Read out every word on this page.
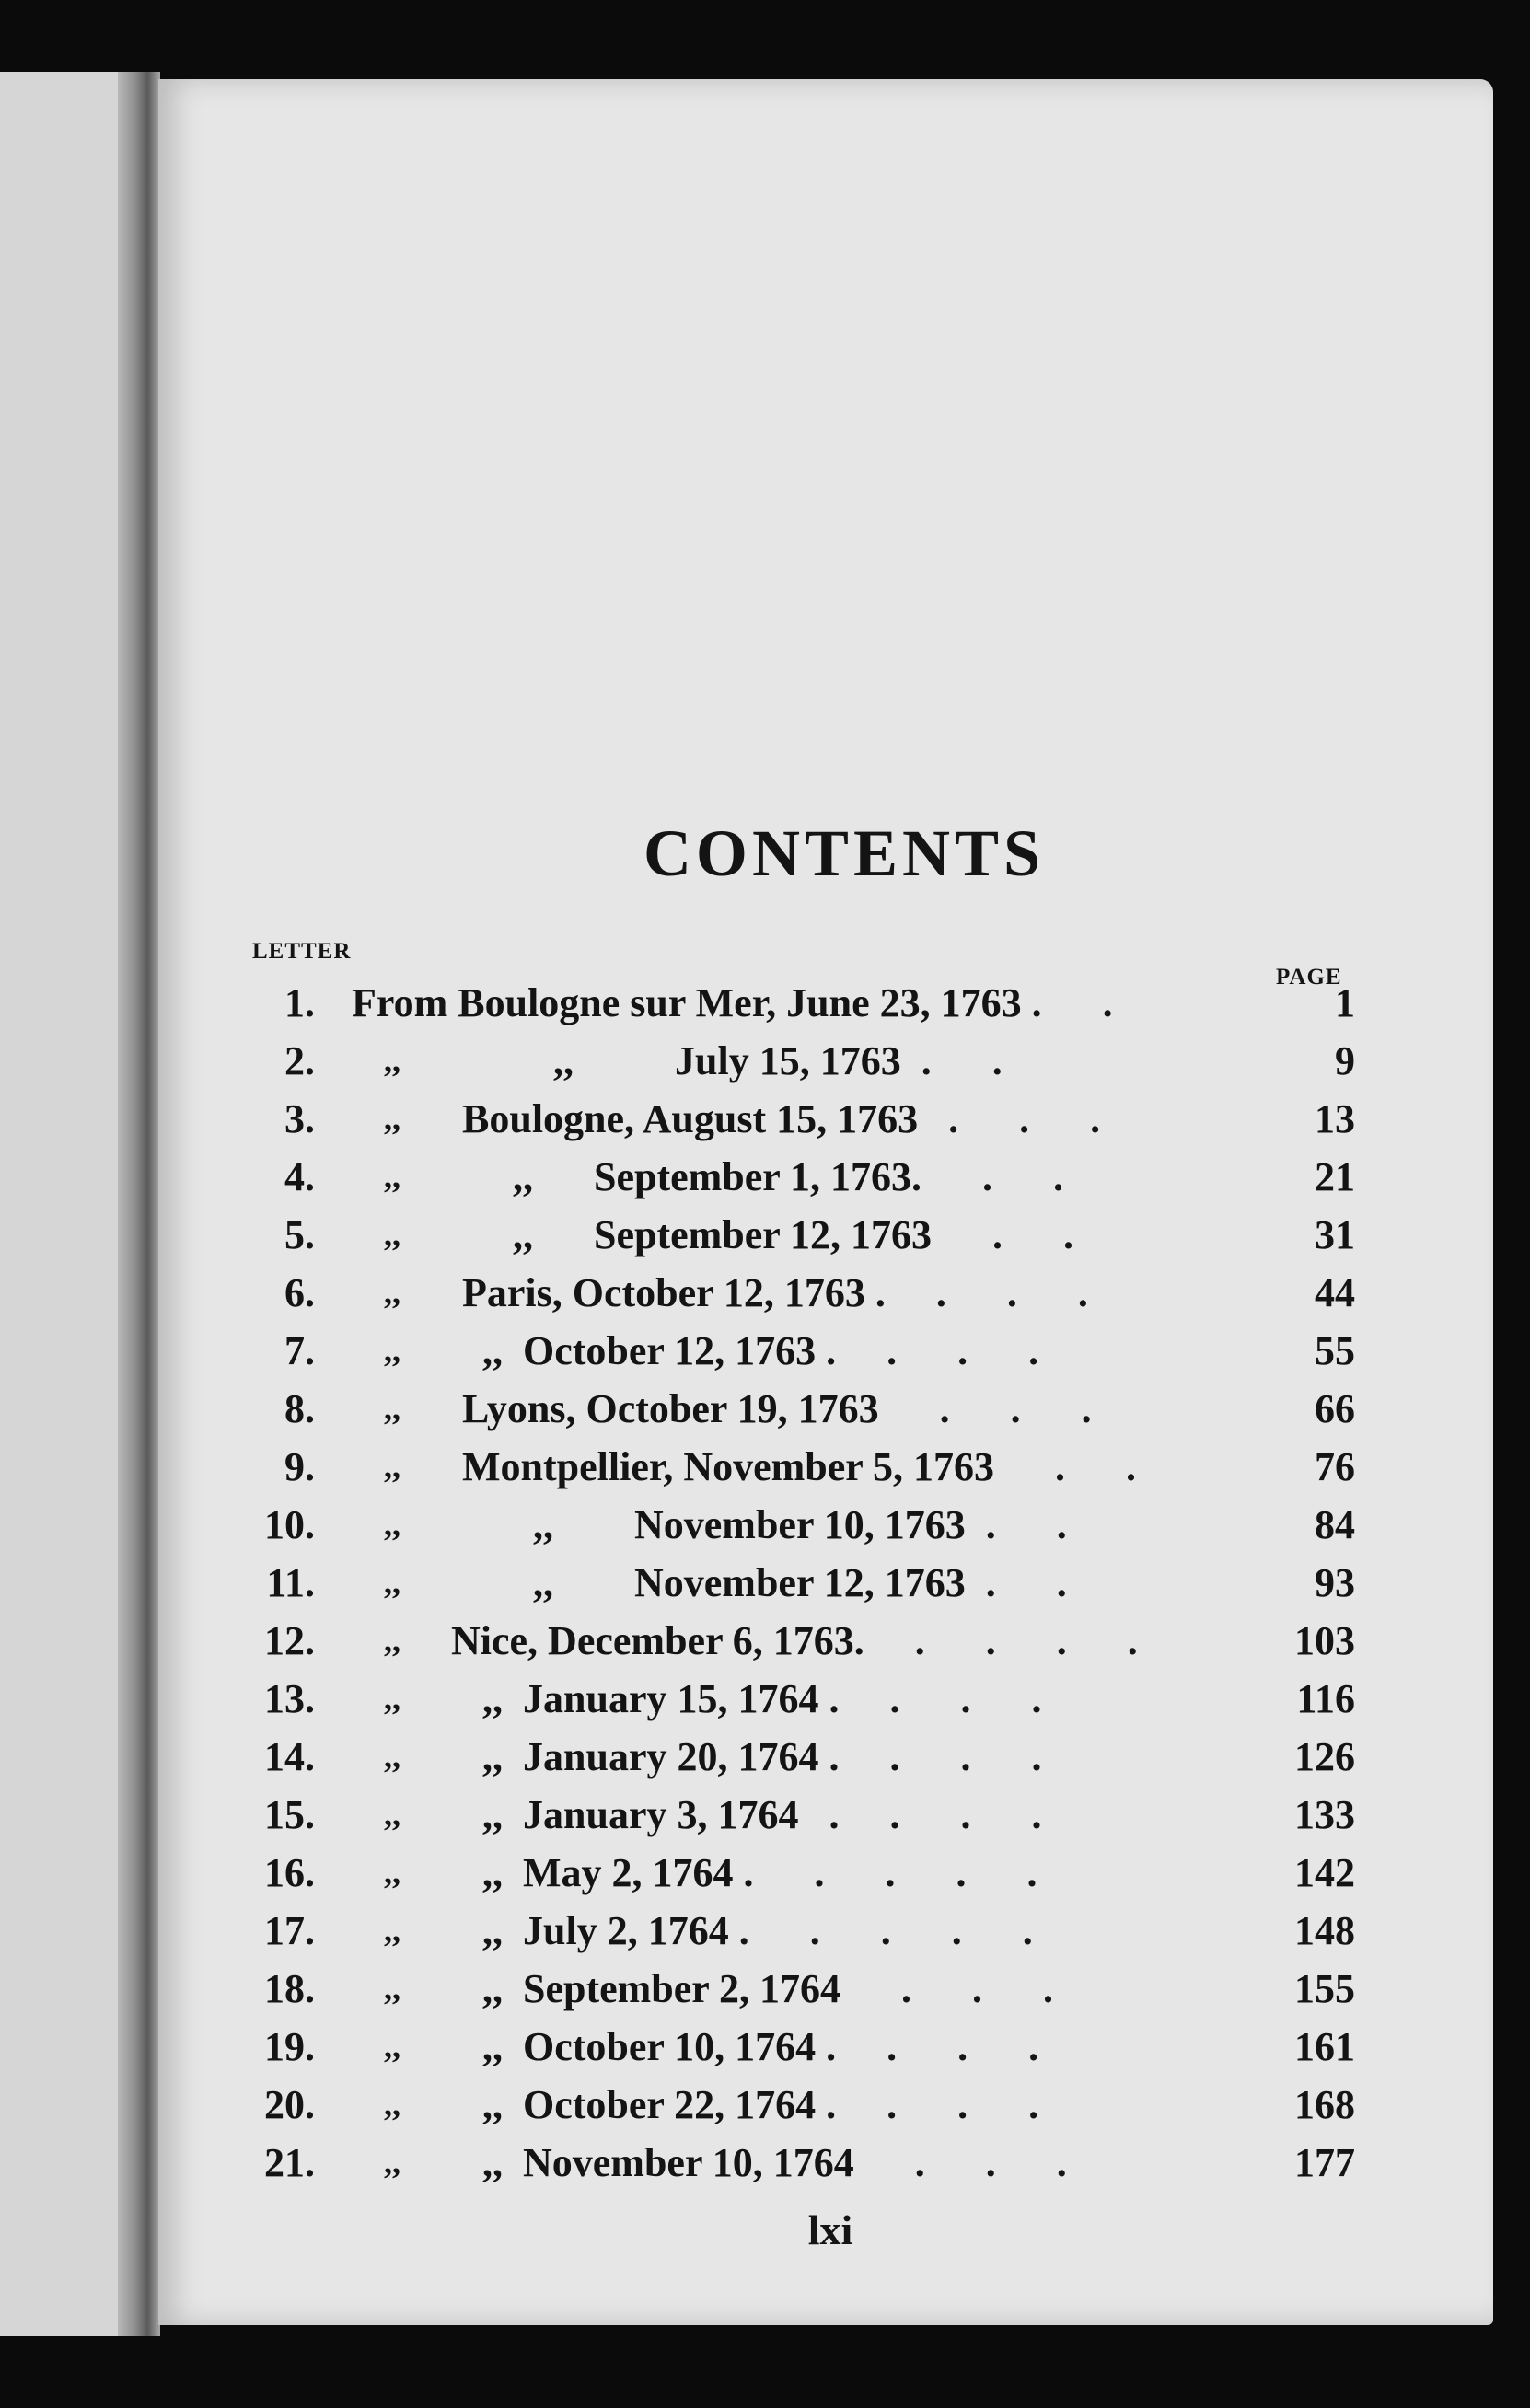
CONTENTS
LETTER
PAGE
1. From Boulogne sur Mer, June 23, 1763 .      .	1
2. ,, ,,          July 15, 1763  .      .	9
3. ,, Boulogne, August 15, 1763   .      .      .	13
4. ,, ,,      September 1, 1763.      .      .	21
5. ,, ,,      September 12, 1763      .      .	31
6. ,, Paris, October 12, 1763 .     .      .      .	44
7. ,, ,,  October 12, 1763 .     .      .      .	55
8. ,, Lyons, October 19, 1763      .      .      .	66
9. ,, Montpellier, November 5, 1763      .      .	76
10. ,, ,,        November 10, 1763  .      .	84
11. ,, ,,        November 12, 1763  .      .	93
12. ,, Nice, December 6, 1763.     .      .      .      .	103
13. ,, ,,  January 15, 1764 .     .      .      .	116
14. ,, ,,  January 20, 1764 .     .      .      .	126
15. ,, ,,  January 3, 1764   .     .      .      .	133
16. ,, ,,  May 2, 1764 .      .      .      .      .	142
17. ,, ,,  July 2, 1764 .      .      .      .      .	148
18. ,, ,,  September 2, 1764      .      .      .	155
19. ,, ,,  October 10, 1764 .     .      .      .	161
20. ,, ,,  October 22, 1764 .     .      .      .	168
21. ,, ,,  November 10, 1764      .      .      .	177
lxi
